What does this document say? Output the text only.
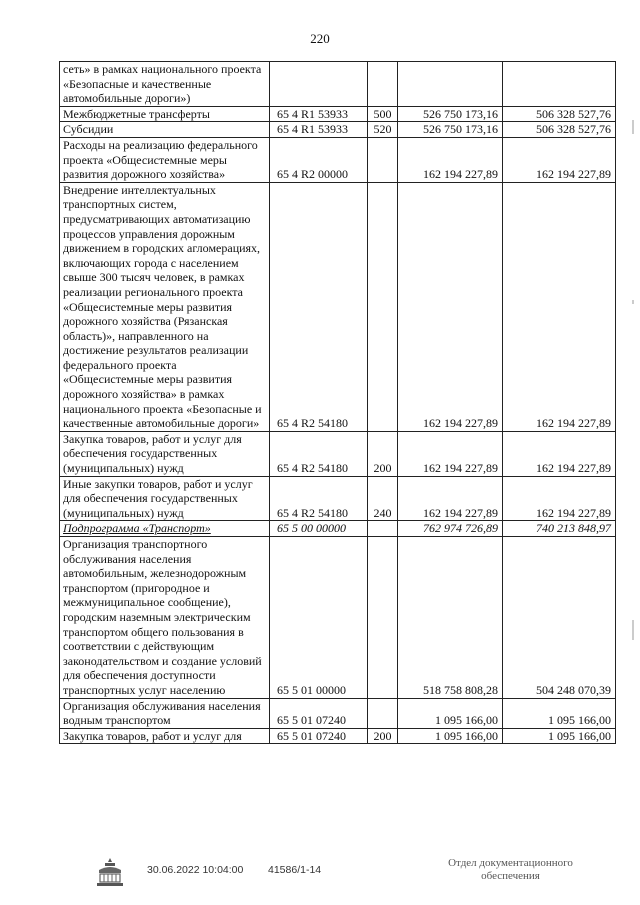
220
сеть» в рамках национального проекта «Безопасные и качественные автомобильные дороги»)				
Межбюджетные трансферты	65 4 R1 53933	500	526 750 173,16	506 328 527,76
Субсидии	65 4 R1 53933	520	526 750 173,16	506 328 527,76
Расходы на реализацию федерального проекта «Общесистемные меры развития дорожного хозяйства»	65 4 R2 00000		162 194 227,89	162 194 227,89
Внедрение интеллектуальных транспортных систем, предусматривающих автоматизацию процессов управления дорожным движением в городских агломерациях, включающих города с населением свыше 300 тысяч человек, в рамках реализации регионального проекта «Общесистемные меры развития дорожного хозяйства (Рязанская область)», направленного на достижение результатов реализации федерального проекта «Общесистемные меры развития дорожного хозяйства» в рамках национального проекта «Безопасные и качественные автомобильные дороги»	65 4 R2 54180		162 194 227,89	162 194 227,89
Закупка товаров, работ и услуг для обеспечения государственных (муниципальных) нужд	65 4 R2 54180	200	162 194 227,89	162 194 227,89
Иные закупки товаров, работ и услуг для обеспечения государственных (муниципальных) нужд	65 4 R2 54180	240	162 194 227,89	162 194 227,89
Подпрограмма «Транспорт»	65 5 00 00000		762 974 726,89	740 213 848,97
Организация транспортного обслуживания населения автомобильным, железнодорожным транспортом (пригородное и межмуниципальное сообщение), городским наземным электрическим транспортом общего пользования в соответствии с действующим законодательством и создание условий для обеспечения доступности транспортных услуг населению	65 5 01 00000		518 758 808,28	504 248 070,39
Организация обслуживания населения водным транспортом	65 5 01 07240		1 095 166,00	1 095 166,00
Закупка товаров, работ и услуг для	65 5 01 07240	200	1 095 166,00	1 095 166,00
30.06.2022 10:04:00 41586/1-14
Отдел документационного обеспечения
